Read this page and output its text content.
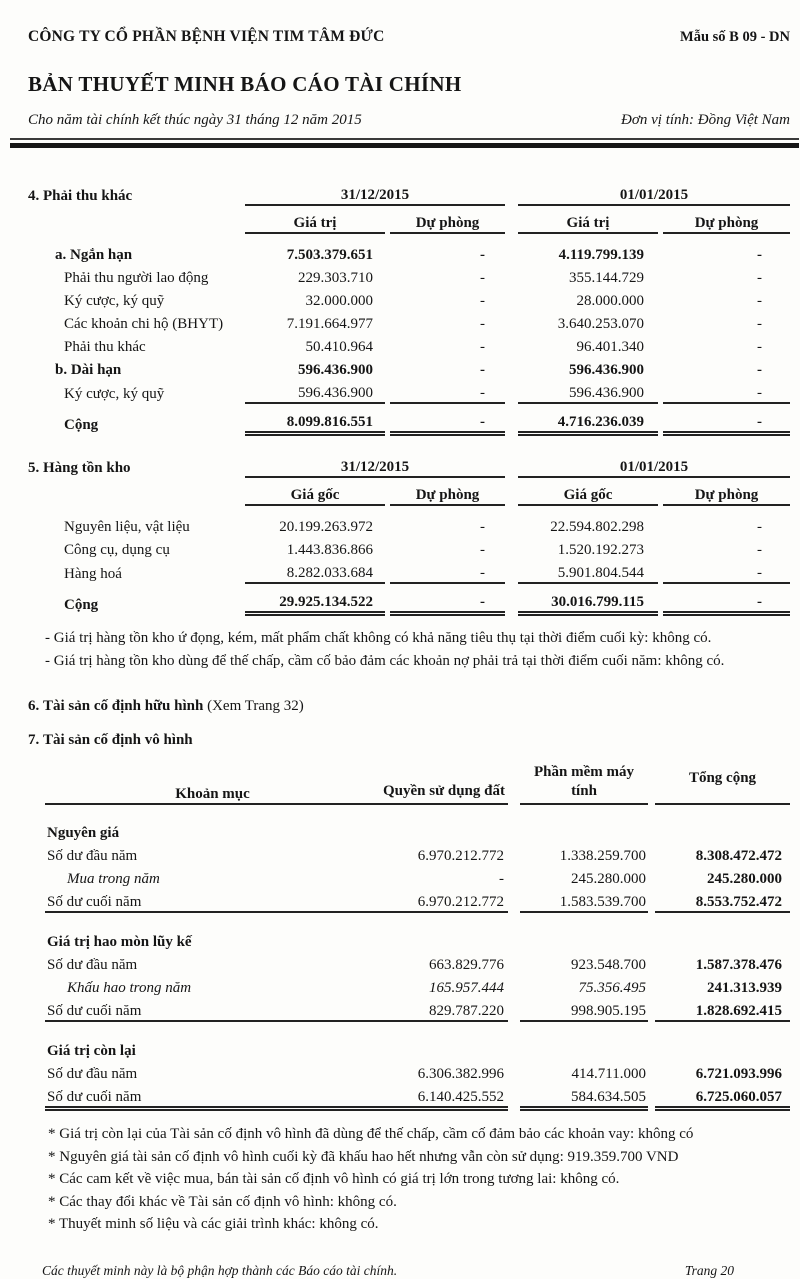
CÔNG TY CỔ PHẦN BỆNH VIỆN TIM TÂM ĐỨC	Mẫu số B 09 - DN
BẢN THUYẾT MINH BÁO CÁO TÀI CHÍNH
Cho năm tài chính kết thúc ngày 31 tháng 12 năm 2015	Đơn vị tính: Đồng Việt Nam
4. Phải thu khác	31/12/2015				01/01/2015		
	Giá trị		Dự phòng		Giá trị		Dự phòng

a. Ngắn hạn	7.503.379.651		-		4.119.799.139		-
Phải thu người lao động	229.303.710		-		355.144.729		-
Ký cược, ký quỹ	32.000.000		-		28.000.000		-
Các khoản chi hộ (BHYT)	7.191.664.977		-		3.640.253.070		-
Phải thu khác	50.410.964		-		96.401.340		-
b. Dài hạn	596.436.900		-		596.436.900		-
Ký cược, ký quỹ	596.436.900		-		596.436.900		-
Cộng	8.099.816.551		-		4.716.236.039		-
5. Hàng tồn kho	31/12/2015				01/01/2015		
	Giá gốc		Dự phòng		Giá gốc		Dự phòng

Nguyên liệu, vật liệu	20.199.263.972		-		22.594.802.298		-
Công cụ, dụng cụ	1.443.836.866		-		1.520.192.273		-
Hàng hoá	8.282.033.684		-		5.901.804.544		-
Cộng	29.925.134.522		-		30.016.799.115		-
- Giá trị hàng tồn kho ứ đọng, kém, mất phẩm chất không có khả năng tiêu thụ tại thời điểm cuối kỳ: không có.
- Giá trị hàng tồn kho dùng để thế chấp, cầm cố bảo đảm các khoản nợ phải trả tại thời điểm cuối năm: không có.
6. Tài sản cố định hữu hình (Xem Trang 32)
7. Tài sản cố định vô hình
Khoản mục	Quyền sử dụng đất		Phần mềm máy tính		Tổng cộng

Nguyên giá					
Số dư đầu năm	6.970.212.772		1.338.259.700		8.308.472.472
Mua trong năm	-		245.280.000		245.280.000
Số dư cuối năm	6.970.212.772		1.583.539.700		8.553.752.472

Giá trị hao mòn lũy kế					
Số dư đầu năm	663.829.776		923.548.700		1.587.378.476
Khấu hao trong năm	165.957.444		75.356.495		241.313.939
Số dư cuối năm	829.787.220		998.905.195		1.828.692.415

Giá trị còn lại					
Số dư đầu năm	6.306.382.996		414.711.000		6.721.093.996
Số dư cuối năm	6.140.425.552		584.634.505		6.725.060.057
* Giá trị còn lại của Tài sản cố định vô hình đã dùng để thế chấp, cầm cố đảm bảo các khoản vay: không có
* Nguyên giá tài sản cố định vô hình cuối kỳ đã khấu hao hết nhưng vẫn còn sử dụng: 919.359.700 VND
* Các cam kết về việc mua, bán tài sản cố định vô hình có giá trị lớn trong tương lai: không có.
* Các thay đổi khác về Tài sản cố định vô hình: không có.
* Thuyết minh số liệu và các giải trình khác: không có.
Các thuyết minh này là bộ phận hợp thành các Báo cáo tài chính.	Trang 20
